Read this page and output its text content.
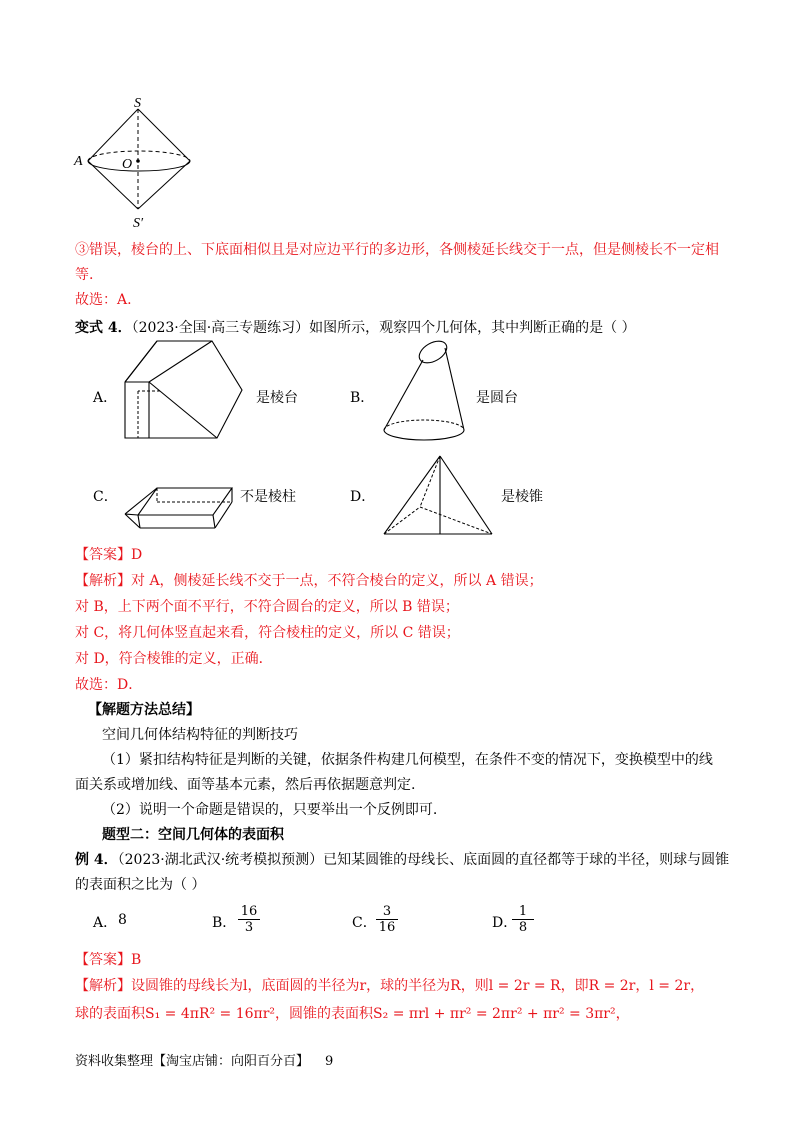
S
O
A
S′
③错误，棱台的上、下底面相似且是对应边平行的多边形，各侧棱延长线交于一点，但是侧棱长不一定相
等.
故选：A.
变式 4．（2023·全国·高三专题练习）如图所示，观察四个几何体，其中判断正确的是（ ）
A．	是棱台	B．	是圆台
C．	不是棱柱	D．	是棱锥
【答案】D
【解析】对 A，侧棱延长线不交于一点，不符合棱台的定义，所以 A 错误；
对 B，上下两个面不平行，不符合圆台的定义，所以 B 错误；
对 C，将几何体竖直起来看，符合棱柱的定义，所以 C 错误；
对 D，符合棱锥的定义，正确．
故选：D．
【解题方法总结】
空间几何体结构特征的判断技巧
（1）紧扣结构特征是判断的关键，依据条件构建几何模型，在条件不变的情况下，变换模型中的线
面关系或增加线、面等基本元素，然后再依据题意判定.
（2）说明一个命题是错误的，只要举出一个反例即可.
题型二：空间几何体的表面积
例 4．（2023·湖北武汉·统考模拟预测）已知某圆锥的母线长、底面圆的直径都等于球的半径，则球与圆锥
的表面积之比为（ ）
A． 8	B． $\frac{16}{3}$	C． $\frac{3}{16}$	D．
$\frac{1}{8}$
【答案】B
【解析】设圆锥的母线长为l，底面圆的半径为r，球的半径为R，则l = 2r = R，即R = 2r，l = 2r，
球的表面积S₁ = 4πR² = 16πr²，圆锥的表面积S₂ = πrl + πr² = 2πr² + πr² = 3πr²，
资料收集整理【淘宝店铺：向阳百分百】 9
